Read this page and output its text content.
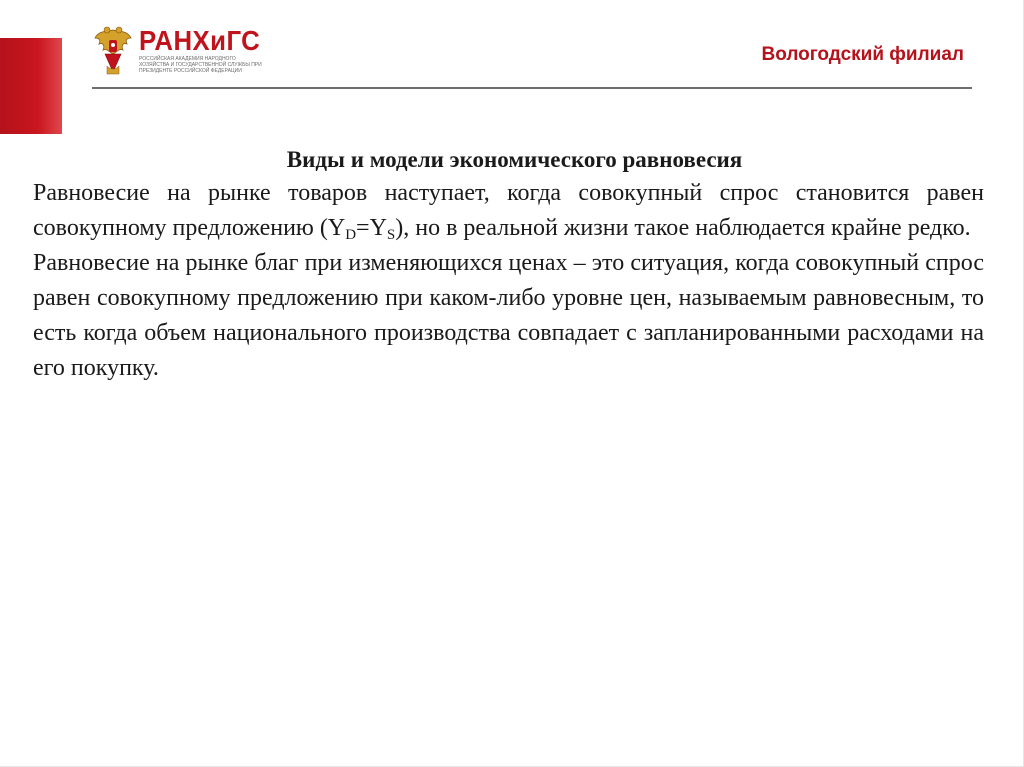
РАНХиГС
РОССИЙСКАЯ АКАДЕМИЯ НАРОДНОГО ХОЗЯЙСТВА И ГОСУДАРСТВЕННОЙ СЛУЖБЫ ПРИ ПРЕЗИДЕНТЕ РОССИЙСКОЙ ФЕДЕРАЦИИ
Вологодский филиал

Виды и модели экономического равновесия

Равновесие на рынке товаров наступает, когда совокупный спрос становится равен совокупному предложению $(Y_D=Y_S)$, но в реальной жизни такое наблюдается крайне редко.

Равновесие на рынке благ при изменяющихся ценах – это ситуация, когда совокупный спрос равен совокупному предложению при каком-либо уровне цен, называемым равновесным, то есть когда объем национального производства совпадает с запланированными расходами на его покупку.
